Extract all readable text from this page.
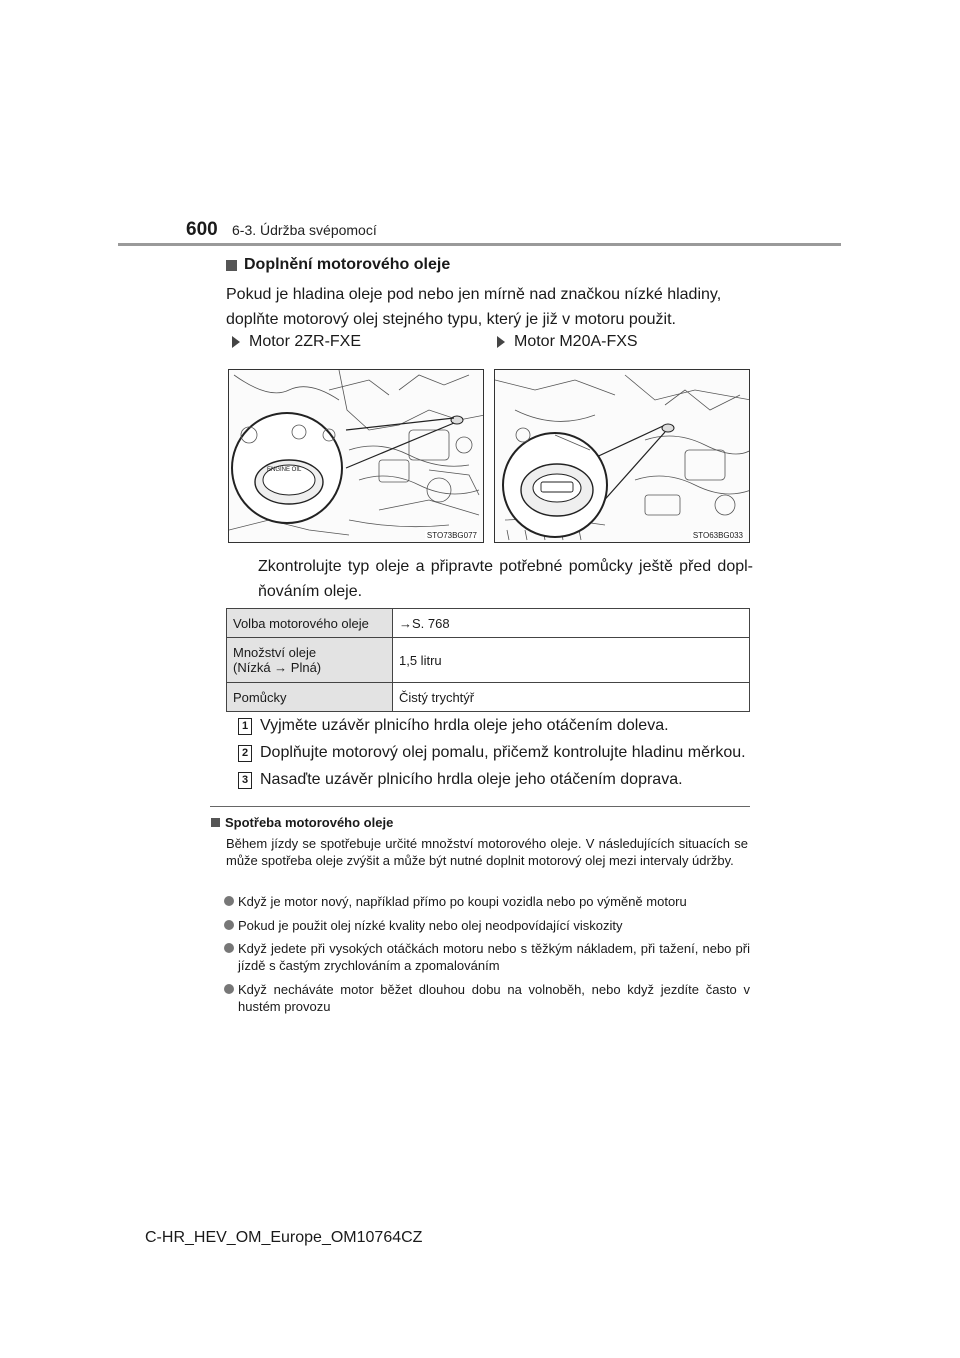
600 6-3. Údržba svépomocí
Doplnění motorového oleje
Pokud je hladina oleje pod nebo jen mírně nad značkou nízké hladiny, doplňte motorový olej stejného typu, který je již v motoru použit.
Motor 2ZR-FXE	Motor M20A-FXS
ENGINE OIL
STO73BG077	STO63BG033
Zkontrolujte typ oleje a připravte potřebné pomůcky ještě před dopl-ňováním oleje.
Volba motorového oleje	→S. 768

Množství oleje
(Nízká → Plná)	1,5 litru
Pomůcky	Čistý trychtýř
1 Vyjměte uzávěr plnicího hrdla oleje jeho otáčením doleva.
2 Doplňujte motorový olej pomalu, přičemž kontrolujte hladinu měrkou.
3 Nasaďte uzávěr plnicího hrdla oleje jeho otáčením doprava.
Spotřeba motorového oleje
Během jízdy se spotřebuje určité množství motorového oleje. V následujících situacích se může spotřeba oleje zvýšit a může být nutné doplnit motorový olej mezi intervaly údržby.
Když je motor nový, například přímo po koupi vozidla nebo po výměně motoru
Pokud je použit olej nízké kvality nebo olej neodpovídající viskozity
Když jedete při vysokých otáčkách motoru nebo s těžkým nákladem, při tažení, nebo při jízdě s častým zrychlováním a zpomalováním
Když necháváte motor běžet dlouhou dobu na volnoběh, nebo když jezdíte často v hustém provozu
C-HR_HEV_OM_Europe_OM10764CZ
